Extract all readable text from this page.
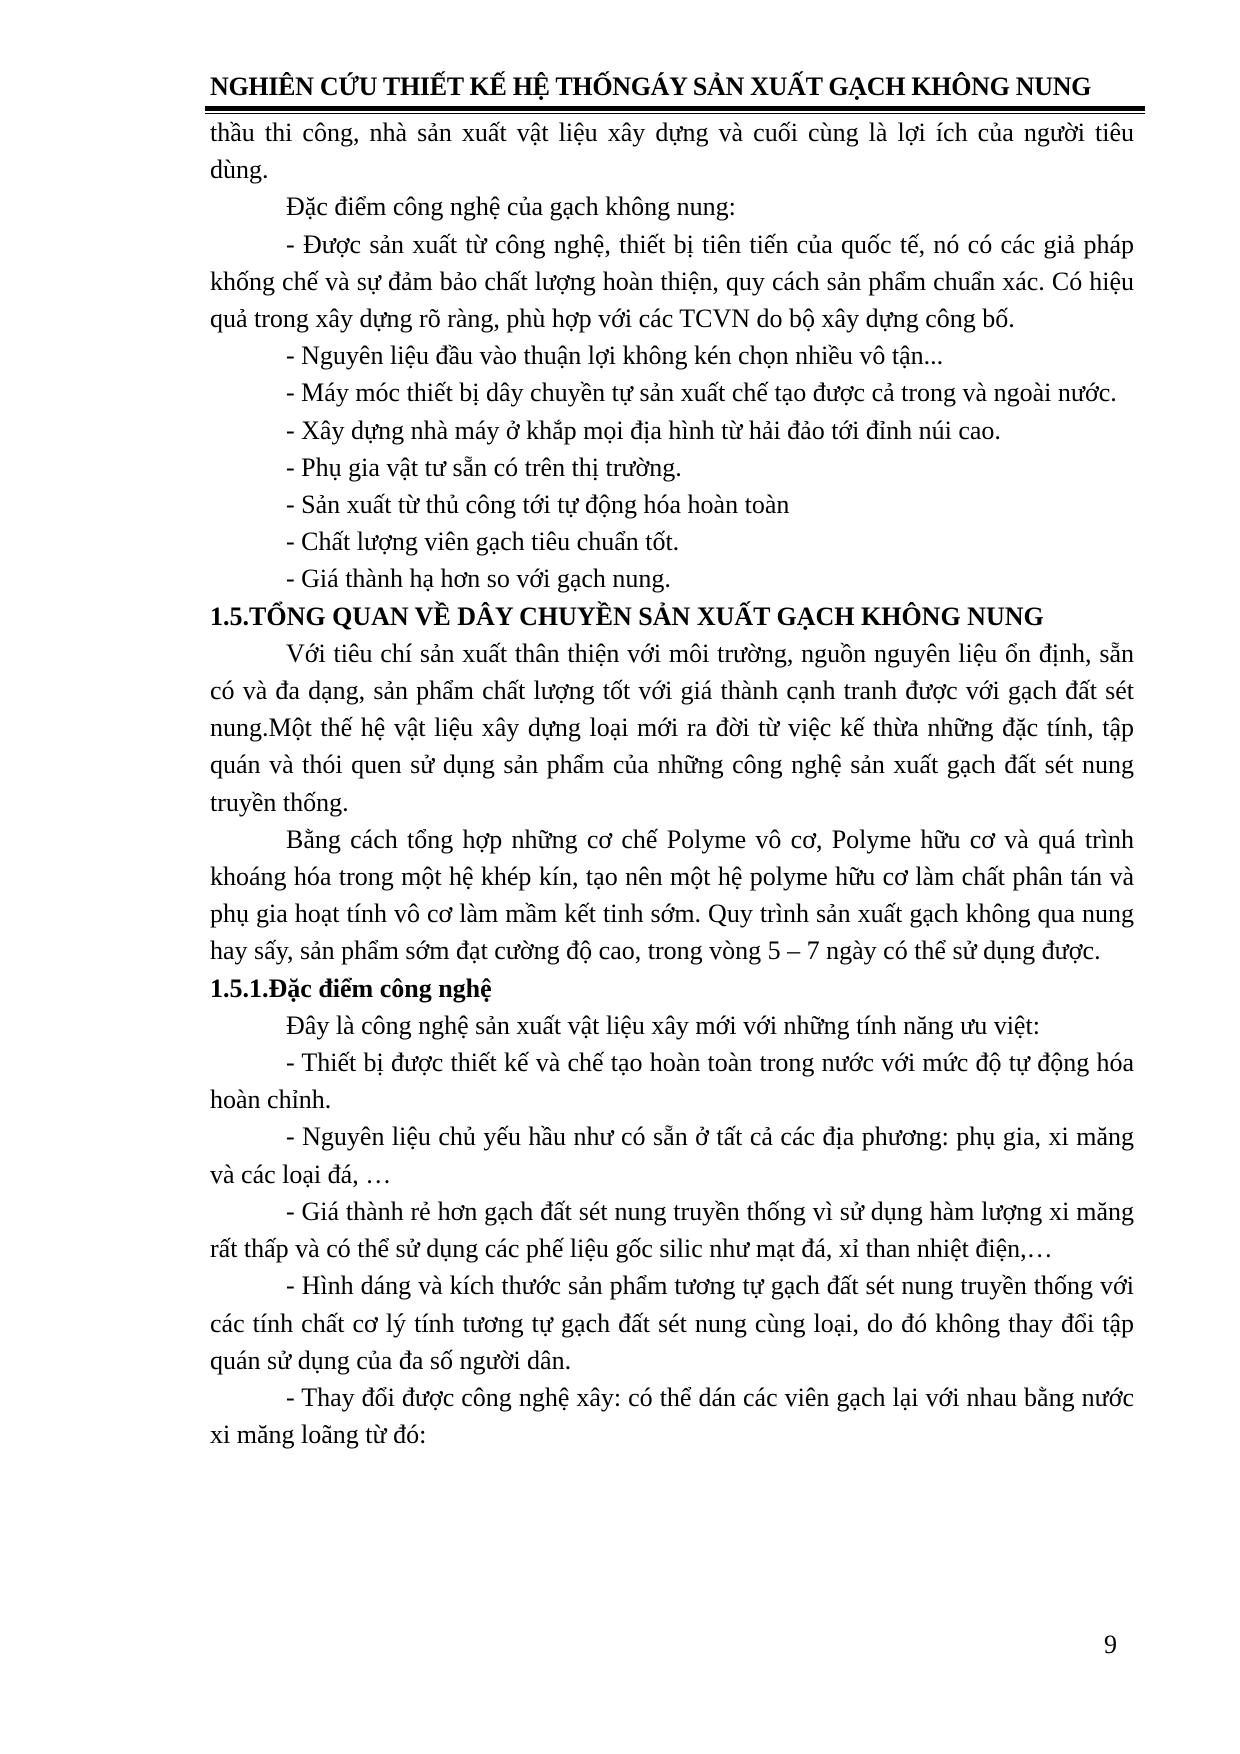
NGHIÊN CỨU THIẾT KẾ HỆ THỐNGÁY SẢN XUẤT GẠCH KHÔNG NUNG

thầu thi công, nhà sản xuất vật liệu xây dựng và cuối cùng là lợi ích của người tiêu dùng.

Đặc điểm công nghệ của gạch không nung:

- Được sản xuất từ công nghệ, thiết bị tiên tiến của quốc tế, nó có các giả pháp khống chế và sự đảm bảo chất lượng hoàn thiện, quy cách sản phẩm chuẩn xác. Có hiệu quả trong xây dựng rõ ràng, phù hợp với các TCVN do bộ xây dựng công bố.

- Nguyên liệu đầu vào thuận lợi không kén chọn nhiều vô tận...

- Máy móc thiết bị dây chuyền tự sản xuất chế tạo được cả trong và ngoài nước.

- Xây dựng nhà máy ở khắp mọi địa hình từ hải đảo tới đỉnh núi cao.

- Phụ gia vật tư sẵn có trên thị trường.

- Sản xuất từ thủ công tới tự động hóa hoàn toàn

- Chất lượng viên gạch tiêu chuẩn tốt.

- Giá thành hạ hơn so với gạch nung.

1.5.TỔNG QUAN VỀ DÂY CHUYỀN SẢN XUẤT GẠCH KHÔNG NUNG

Với tiêu chí sản xuất thân thiện với môi trường, nguồn nguyên liệu ổn định, sẵn có và đa dạng, sản phẩm chất lượng tốt với giá thành cạnh tranh được với gạch đất sét nung.Một thế hệ vật liệu xây dựng loại mới ra đời từ việc kế thừa những đặc tính, tập quán và thói quen sử dụng sản phẩm của những công nghệ sản xuất gạch đất sét nung truyền thống.

Bằng cách tổng hợp những cơ chế Polyme vô cơ, Polyme hữu cơ và quá trình khoáng hóa trong một hệ khép kín, tạo nên một hệ polyme hữu cơ làm chất phân tán và phụ gia hoạt tính vô cơ làm mầm kết tinh sớm. Quy trình sản xuất gạch không qua nung hay sấy, sản phẩm sớm đạt cường độ cao, trong vòng 5 – 7 ngày có thể sử dụng được.

1.5.1.Đặc điểm công nghệ

Đây là công nghệ sản xuất vật liệu xây mới với những tính năng ưu việt:

- Thiết bị được thiết kế và chế tạo hoàn toàn trong nước với mức độ tự động hóa hoàn chỉnh.

- Nguyên liệu chủ yếu hầu như có sẵn ở tất cả các địa phương: phụ gia, xi măng và các loại đá, …

- Giá thành rẻ hơn gạch đất sét nung truyền thống vì sử dụng hàm lượng xi măng rất thấp và có thể sử dụng các phế liệu gốc silic như mạt đá, xỉ than nhiệt điện,…

- Hình dáng và kích thước sản phẩm tương tự gạch đất sét nung truyền thống với các tính chất cơ lý tính tương tự gạch đất sét nung cùng loại, do đó không thay đổi tập quán sử dụng của đa số người dân.

- Thay đổi được công nghệ xây: có thể dán các viên gạch lại với nhau bằng nước xi măng loãng từ đó:

9
